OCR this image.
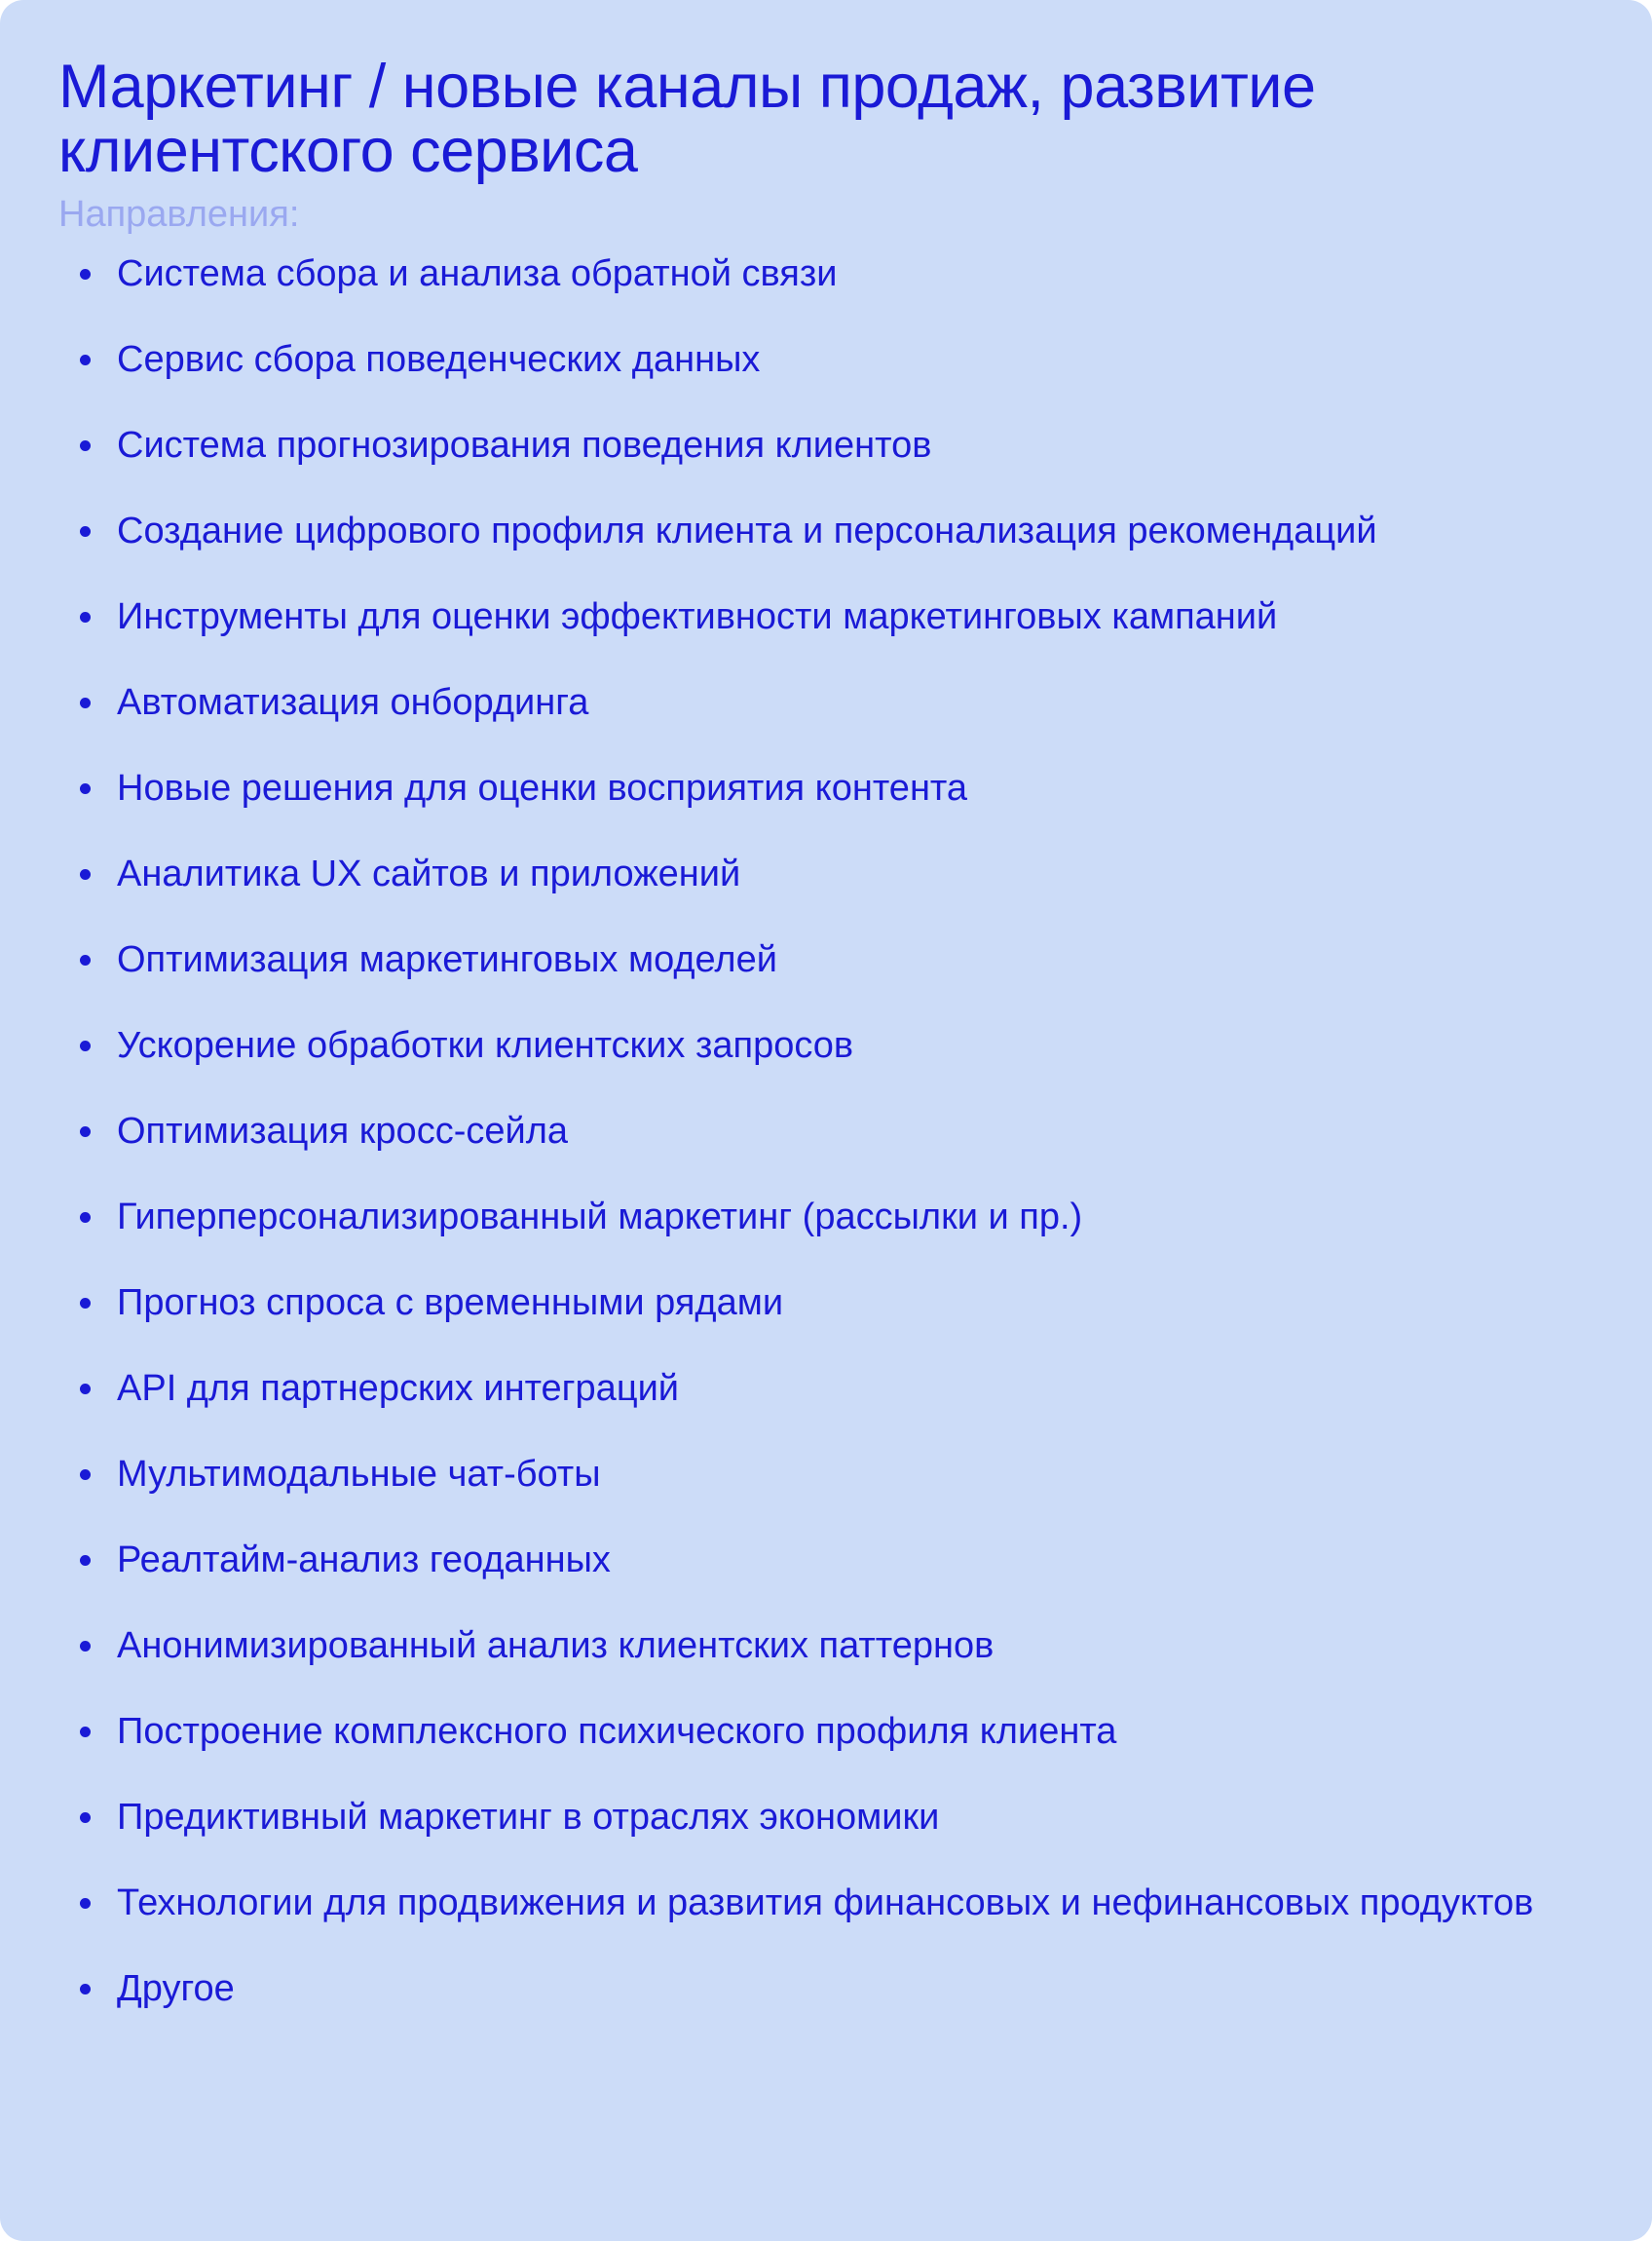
Маркетинг / новые каналы продаж, развитие клиентского сервиса
Направления:
Система сбора и анализа обратной связи
Сервис сбора поведенческих данных
Система прогнозирования поведения клиентов
Создание цифрового профиля клиента и персонализация рекомендаций
Инструменты для оценки эффективности маркетинговых кампаний
Автоматизация онбординга
Новые решения для оценки восприятия контента
Аналитика UX сайтов и приложений
Оптимизация маркетинговых моделей
Ускорение обработки клиентских запросов
Оптимизация кросс-сейла
Гиперперсонализированный маркетинг (рассылки и пр.)
Прогноз спроса с временными рядами
API для партнерских интеграций
Мультимодальные чат-боты
Реалтайм-анализ геоданных
Анонимизированный анализ клиентских паттернов
Построение комплексного психического профиля клиента
Предиктивный маркетинг в отраслях экономики
Технологии для продвижения и развития финансовых и нефинансовых продуктов
Другое
